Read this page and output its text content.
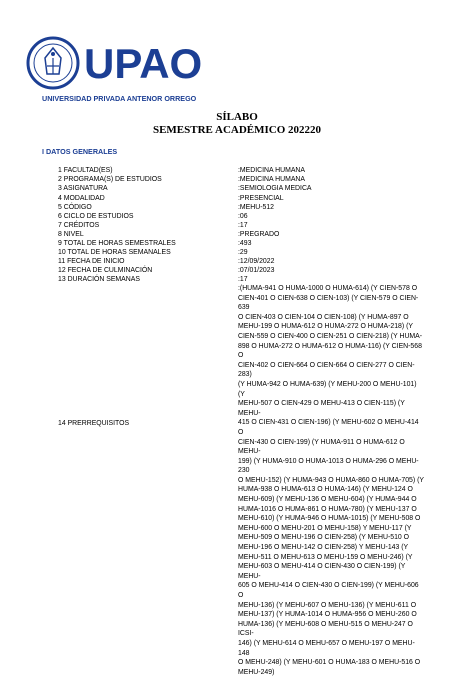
UPAO
UNIVERSIDAD PRIVADA ANTENOR ORREGO
SÍLABO
SEMESTRE ACADÉMICO 202220
I DATOS GENERALES
1 FACULTAD(ES)	:MEDICINA HUMANA
2 PROGRAMA(S) DE ESTUDIOS	:MEDICINA HUMANA
3 ASIGNATURA	:SEMIOLOGIA MEDICA
4 MODALIDAD	:PRESENCIAL
5 CÓDIGO	:MEHU-512
6 CICLO DE ESTUDIOS	:06
7 CRÉDITOS	:17
8 NIVEL	:PREGRADO
9 TOTAL DE HORAS SEMESTRALES	:493
10 TOTAL DE HORAS SEMANALES	:29
11 FECHA DE INICIO	:12/09/2022
12 FECHA DE CULMINACIÓN	:07/01/2023
13 DURACIÓN SEMANAS	:17
14 PRERREQUISITOS
:(HUMA-941 O HUMA-1000 O HUMA-614) (Y CIEN-578 O
CIEN-401 O CIEN-638 O CIEN-103) (Y CIEN-579 O CIEN-639
O CIEN-403 O CIEN-104 O CIEN-108) (Y HUMA-897 O
MEHU-199 O HUMA-612 O HUMA-272 O HUMA-218) (Y
CIEN-559 O CIEN-400 O CIEN-251 O CIEN-218) (Y HUMA-
898 O HUMA-272 O HUMA-612 O HUMA-116) (Y CIEN-568 O
CIEN-402 O CIEN-664 O CIEN-664 O CIEN-277 O CIEN-283)
(Y HUMA-942 O HUMA-639) (Y MEHU-200 O MEHU-101) (Y
MEHU-507 O CIEN-429 O MEHU-413 O CIEN-115) (Y MEHU-
415 O CIEN-431 O CIEN-196) (Y MEHU-602 O MEHU-414 O
CIEN-430 O CIEN-199) (Y HUMA-911 O HUMA-612 O MEHU-
199) (Y HUMA-910 O HUMA-1013 O HUMA-296 O MEHU-230
O MEHU-152) (Y HUMA-943 O HUMA-860 O HUMA-705) (Y
HUMA-938 O HUMA-613 O HUMA-146) (Y MEHU-124 O
MEHU-609) (Y MEHU-136 O MEHU-604) (Y HUMA-944 O
HUMA-1016 O HUMA-861 O HUMA-780) (Y MEHU-137 O
MEHU-610) (Y HUMA-946 O HUMA-1015) (Y MEHU-508 O
MEHU-600 O MEHU-201 O MEHU-158) Y MEHU-117 (Y
MEHU-509 O MEHU-196 O CIEN-258) (Y MEHU-510 O
MEHU-196 O MEHU-142 O CIEN-258) Y MEHU-143 (Y
MEHU-511 O MEHU-613 O MEHU-159 O MEHU-246) (Y
MEHU-603 O MEHU-414 O CIEN-430 O CIEN-199) (Y MEHU-
605 O MEHU-414 O CIEN-430 O CIEN-199) (Y MEHU-606 O
MEHU-136) (Y MEHU-607 O MEHU-136) (Y MEHU-611 O
MEHU-137) (Y HUMA-1014 O HUMA-956 O MEHU-260 O
HUMA-136) (Y MEHU-608 O MEHU-515 O MEHU-247 O ICSI-
146) (Y MEHU-614 O MEHU-657 O MEHU-197 O MEHU-148
O MEHU-248) (Y MEHU-601 O HUMA-183 O MEHU-516 O
MEHU-249)
